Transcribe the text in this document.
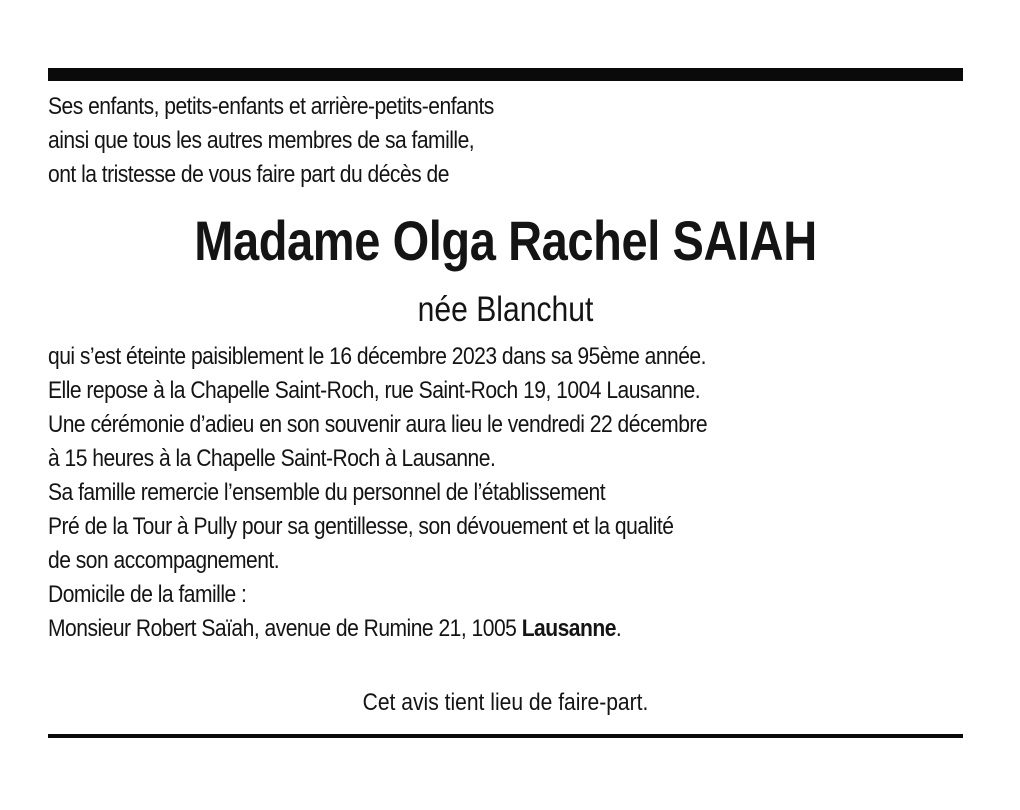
Ses enfants, petits-enfants et arrière-petits-enfants
ainsi que tous les autres membres de sa famille,
ont la tristesse de vous faire part du décès de
Madame Olga Rachel SAIAH
née Blanchut
qui s’est éteinte paisiblement le 16 décembre 2023 dans sa 95ème année.
Elle repose à la Chapelle Saint-Roch, rue Saint-Roch 19, 1004 Lausanne.
Une cérémonie d’adieu en son souvenir aura lieu le vendredi 22 décembre
à 15 heures à la Chapelle Saint-Roch à Lausanne.
Sa famille remercie l’ensemble du personnel de l’établissement
Pré de la Tour à Pully pour sa gentillesse, son dévouement et la qualité
de son accompagnement.
Domicile de la famille :
Monsieur Robert Saïah, avenue de Rumine 21, 1005 Lausanne.
Cet avis tient lieu de faire-part.
